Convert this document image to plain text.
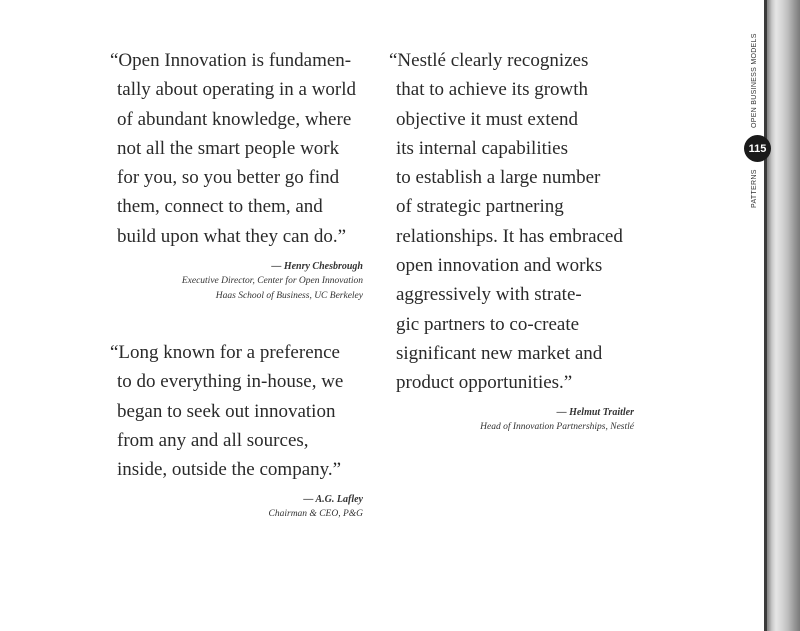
“Open Innovation is fundamen-
tally about operating in a world
of abundant knowledge, where
not all the smart people work
for you, so you better go find
them, connect to them, and
build upon what they can do.”
— Henry Chesbrough
Executive Director, Center for Open Innovation
Haas School of Business, UC Berkeley
“Long known for a preference
to do everything in-house, we
began to seek out innovation
from any and all sources,
inside, outside the company.”
— A.G. Lafley
Chairman & CEO, P&G
“Nestlé clearly recognizes
that to achieve its growth
objective it must extend
its internal capabilities
to establish a large number
of strategic partnering
relationships. It has embraced
open innovation and works
aggressively with strate-
gic partners to co-create
significant new market and
product opportunities.”
— Helmut Traitler
Head of Innovation Partnerships, Nestlé
OPEN BUSINESS MODELS
115
PATTERNS
